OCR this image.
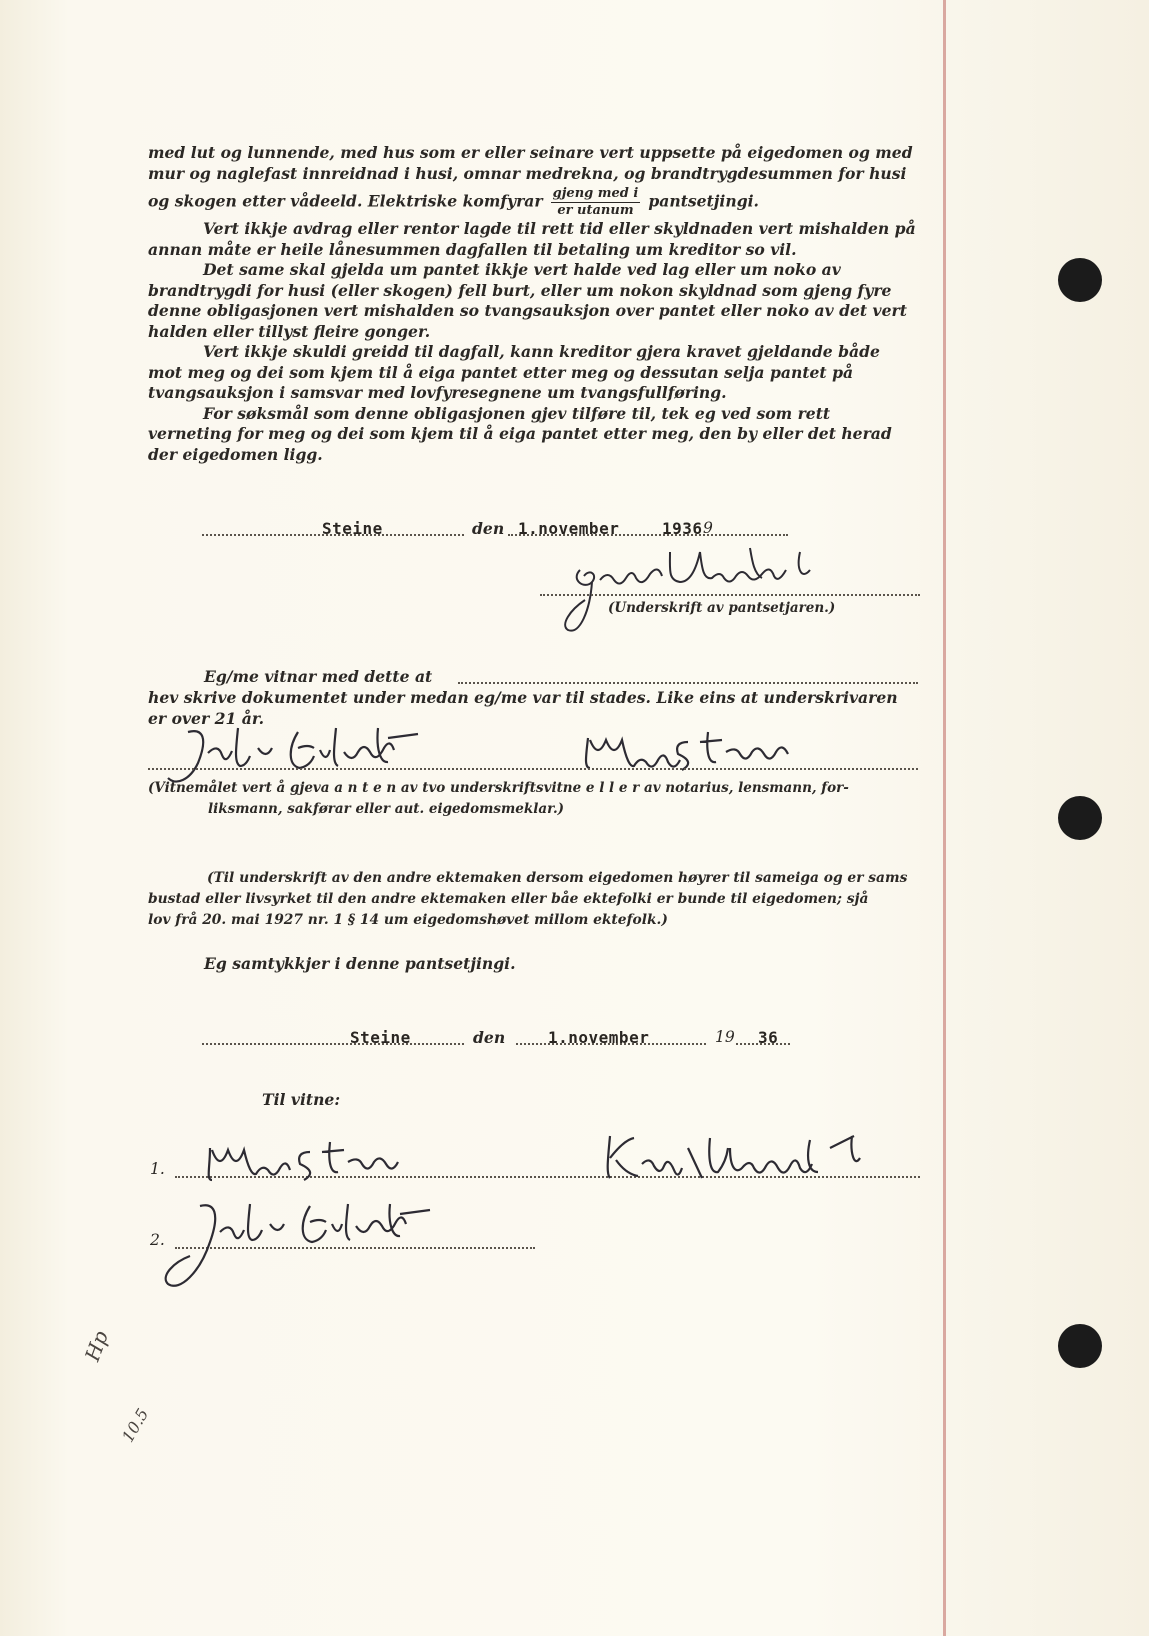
med lut og lunnende, med hus som er eller seinare vert uppsette på eigedomen og med

mur og naglefast innreidnad i husi, omnar medrekna, og brandtrygdesummen for husi

og skogen etter vådeeld. Elektriske komfyrar $\frac{\text{gjeng med i}}{\text{er utanum}}$ pantsetjingi.

Vert ikkje avdrag eller rentor lagde til rett tid eller skyldnaden vert mishalden på annan måte er heile lånesummen dagfallen til betaling um kreditor so vil.

Det same skal gjelda um pantet ikkje vert halde ved lag eller um noko av brandtrygdi for husi (eller skogen) fell burt, eller um nokon skyldnad som gjeng fyre denne obligasjonen vert mishalden so tvangsauksjon over pantet eller noko av det vert halden eller tillyst fleire gonger.

Vert ikkje skuldi greidd til dagfall, kann kreditor gjera kravet gjeldande både mot meg og dei som kjem til å eiga pantet etter meg og dessutan selja pantet på tvangsauksjon i samsvar med lovfyresegnene um tvangsfullføring.

For søksmål som denne obligasjonen gjev tilføre til, tek eg ved som rett verneting for meg og dei som kjem til å eiga pantet etter meg, den by eller det herad der eigedomen ligg.

Steine	den 1.november	1936 9
(Underskrift av pantsetjaren.)
Eg/me vitnar med dette at
hev skrive dokumentet under medan eg/me var til stades. Like eins at underskrivaren
er over 21 år.
(Vitnemålet vert å gjeva a n t e n av tvo underskriftsvitne e l l e r av notarius, lensmann, for-
liksmann, sakførar eller aut. eigedomsmeklar.)
(Til underskrift av den andre ektemaken dersom eigedomen høyrer til sameiga og er sams
bustad eller livsyrket til den andre ektemaken eller båe ektefolki er bunde til eigedomen; sjå
lov frå 20. mai 1927 nr. 1 § 14 um eigedomshøvet millom ektefolk.)
Eg samtykkjer i denne pantsetjingi.
Steine	den	1.november	19 36
Til vitne:
1.
2.
Hp
10.5
